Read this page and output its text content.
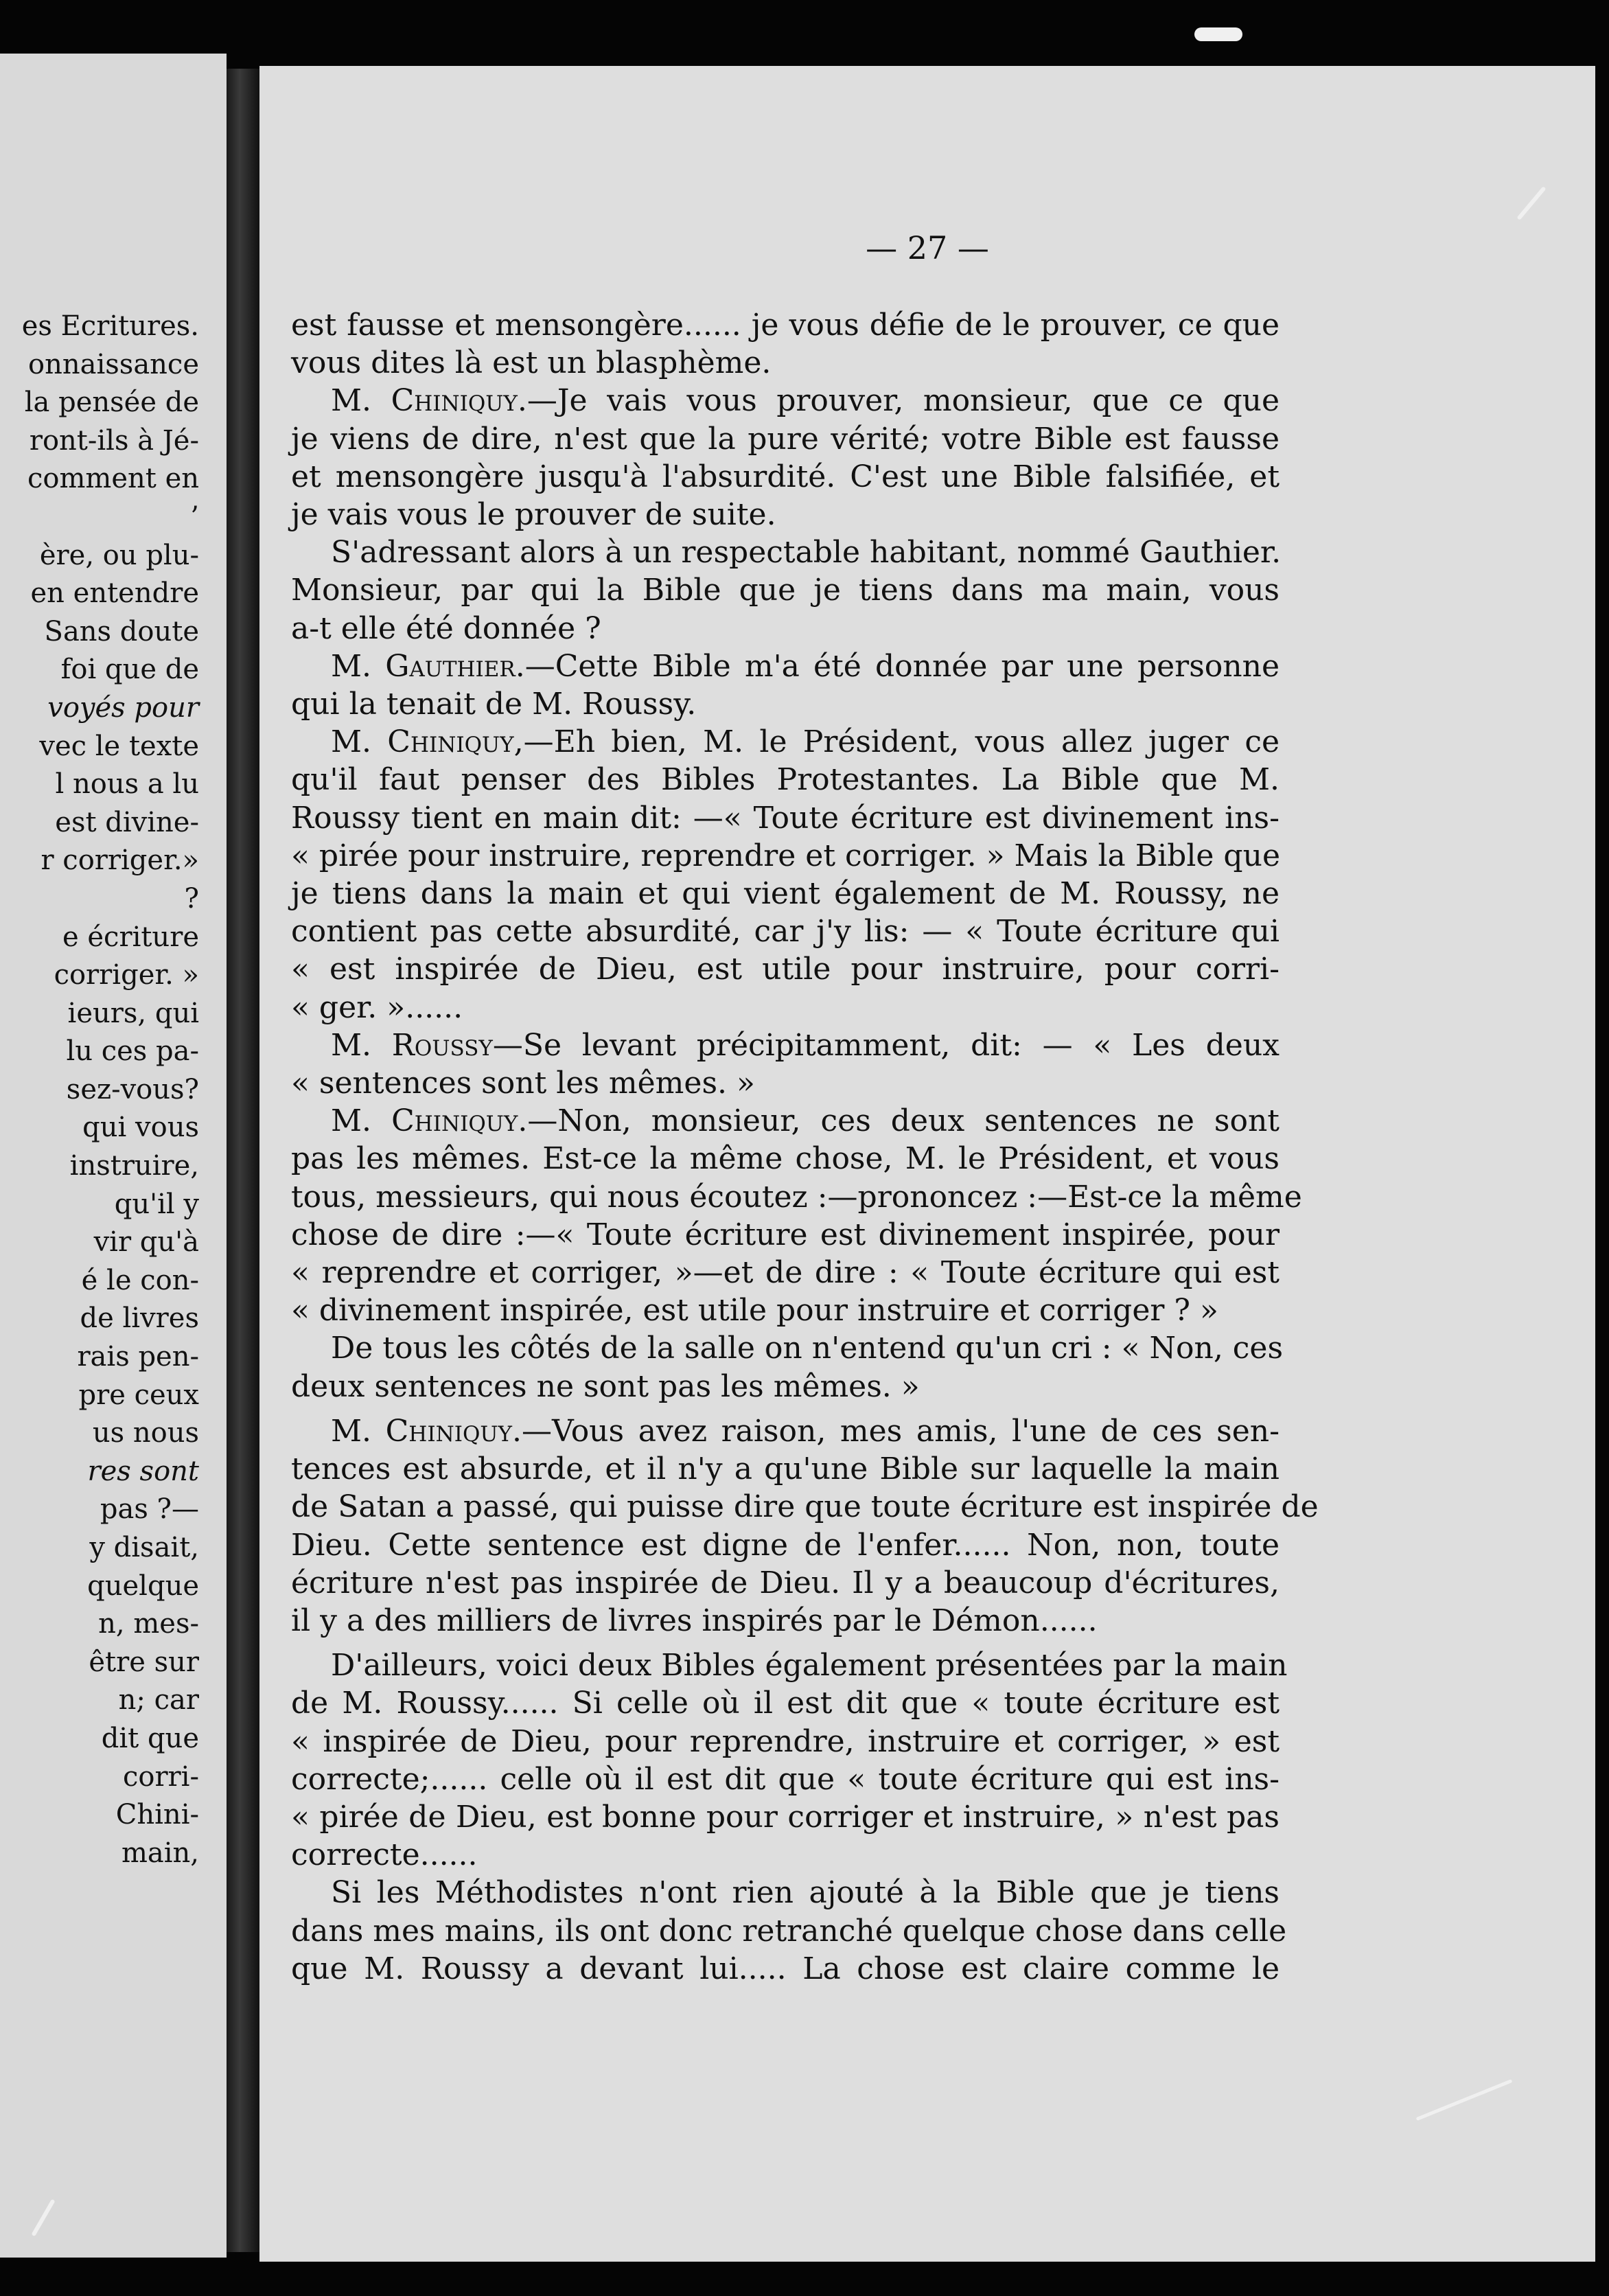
es Ecritures.
onnaissance
la pensée de
ront-ils à Jé-
comment en
’
ère, ou plu-
en entendre
Sans doute
foi que de
voyés pour
vec le texte
l nous a lu
est divine-
r corriger.»
?
e écriture
corriger. »
ieurs, qui
lu ces pa-
sez-vous?
qui vous
instruire,
qu'il y
vir qu'à
é le con-
de livres
rais pen-
pre ceux
us nous
res sont
pas ?—
y disait,
quelque
n, mes-
être sur
n; car
dit que
corri-
Chini-
main,
— 27 —
est fausse et mensongère...... je vous défie de le prouver, ce que
vous dites là est un blasphème.
M. Chiniquy.—Je vais vous prouver, monsieur, que ce que
je viens de dire, n'est que la pure vérité; votre Bible est fausse
et mensongère jusqu'à l'absurdité. C'est une Bible falsifiée, et
je vais vous le prouver de suite.
S'adressant alors à un respectable habitant, nommé Gauthier.
Monsieur, par qui la Bible que je tiens dans ma main, vous
a-t elle été donnée ?
M. Gauthier.—Cette Bible m'a été donnée par une personne
qui la tenait de M. Roussy.
M. Chiniquy,—Eh bien, M. le Président, vous allez juger ce
qu'il faut penser des Bibles Protestantes. La Bible que M.
Roussy tient en main dit: —« Toute écriture est divinement ins-
« pirée pour instruire, reprendre et corriger. » Mais la Bible que
je tiens dans la main et qui vient également de M. Roussy, ne
contient pas cette absurdité, car j'y lis: — « Toute écriture qui
« est inspirée de Dieu, est utile pour instruire, pour corri-
« ger. »......
M. Roussy—Se levant précipitamment, dit: — « Les deux
« sentences sont les mêmes. »
M. Chiniquy.—Non, monsieur, ces deux sentences ne sont
pas les mêmes. Est-ce la même chose, M. le Président, et vous
tous, messieurs, qui nous écoutez :—prononcez :—Est-ce la même
chose de dire :—« Toute écriture est divinement inspirée, pour
« reprendre et corriger, »—et de dire : « Toute écriture qui est
« divinement inspirée, est utile pour instruire et corriger ? »
De tous les côtés de la salle on n'entend qu'un cri : « Non, ces
deux sentences ne sont pas les mêmes. »
M. Chiniquy.—Vous avez raison, mes amis, l'une de ces sen-
tences est absurde, et il n'y a qu'une Bible sur laquelle la main
de Satan a passé, qui puisse dire que toute écriture est inspirée de
Dieu. Cette sentence est digne de l'enfer...... Non, non, toute
écriture n'est pas inspirée de Dieu. Il y a beaucoup d'écritures,
il y a des milliers de livres inspirés par le Démon......
D'ailleurs, voici deux Bibles également présentées par la main
de M. Roussy...... Si celle où il est dit que « toute écriture est
« inspirée de Dieu, pour reprendre, instruire et corriger, » est
correcte;...... celle où il est dit que « toute écriture qui est ins-
« pirée de Dieu, est bonne pour corriger et instruire, » n'est pas
correcte......
Si les Méthodistes n'ont rien ajouté à la Bible que je tiens
dans mes mains, ils ont donc retranché quelque chose dans celle
que M. Roussy a devant lui..... La chose est claire comme le
